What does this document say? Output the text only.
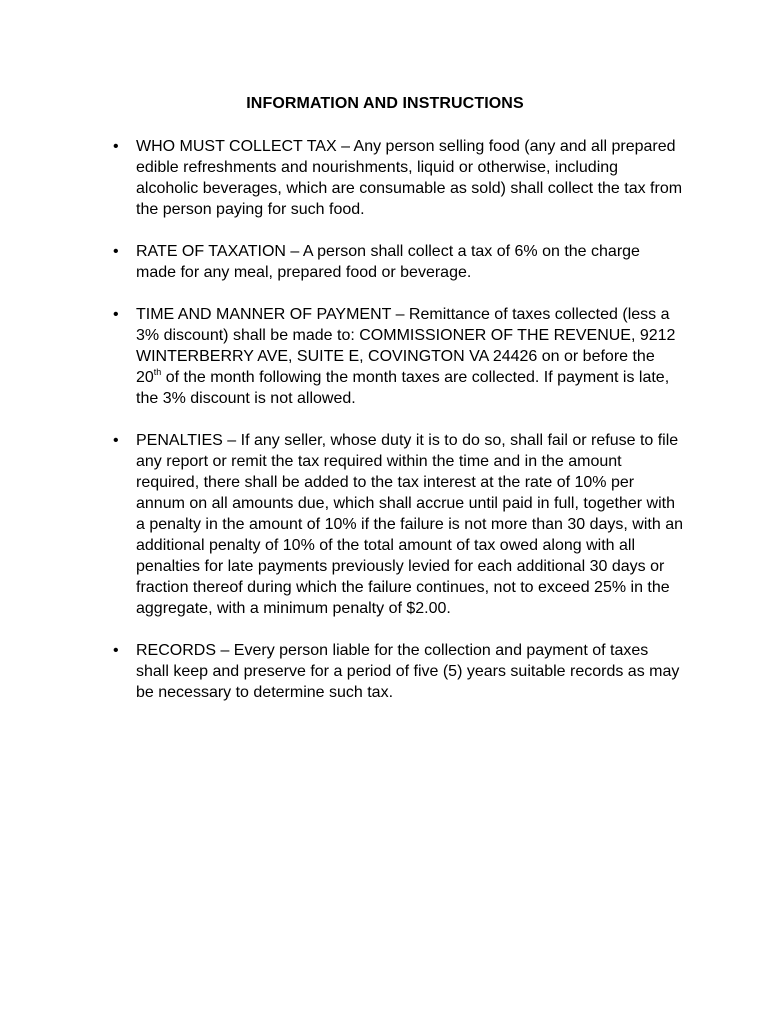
INFORMATION AND INSTRUCTIONS
•	WHO MUST COLLECT TAX – Any person selling food (any and all prepared edible refreshments and nourishments, liquid or otherwise, including alcoholic beverages, which are consumable as sold) shall collect the tax from the person paying for such food.
•	RATE OF TAXATION – A person shall collect a tax of 6% on the charge made for any meal, prepared food or beverage.
•	TIME AND MANNER OF PAYMENT – Remittance of taxes collected (less a 3% discount) shall be made to: COMMISSIONER OF THE REVENUE, 9212 WINTERBERRY AVE, SUITE E, COVINGTON VA 24426 on or before the 20th of the month following the month taxes are collected. If payment is late, the 3% discount is not allowed.
•	PENALTIES – If any seller, whose duty it is to do so, shall fail or refuse to file any report or remit the tax required within the time and in the amount required, there shall be added to the tax interest at the rate of 10% per annum on all amounts due, which shall accrue until paid in full, together with a penalty in the amount of 10% if the failure is not more than 30 days, with an additional penalty of 10% of the total amount of tax owed along with all penalties for late payments previously levied for each additional 30 days or fraction thereof during which the failure continues, not to exceed 25% in the aggregate, with a minimum penalty of $2.00.
•	RECORDS – Every person liable for the collection and payment of taxes shall keep and preserve for a period of five (5) years suitable records as may be necessary to determine such tax.
